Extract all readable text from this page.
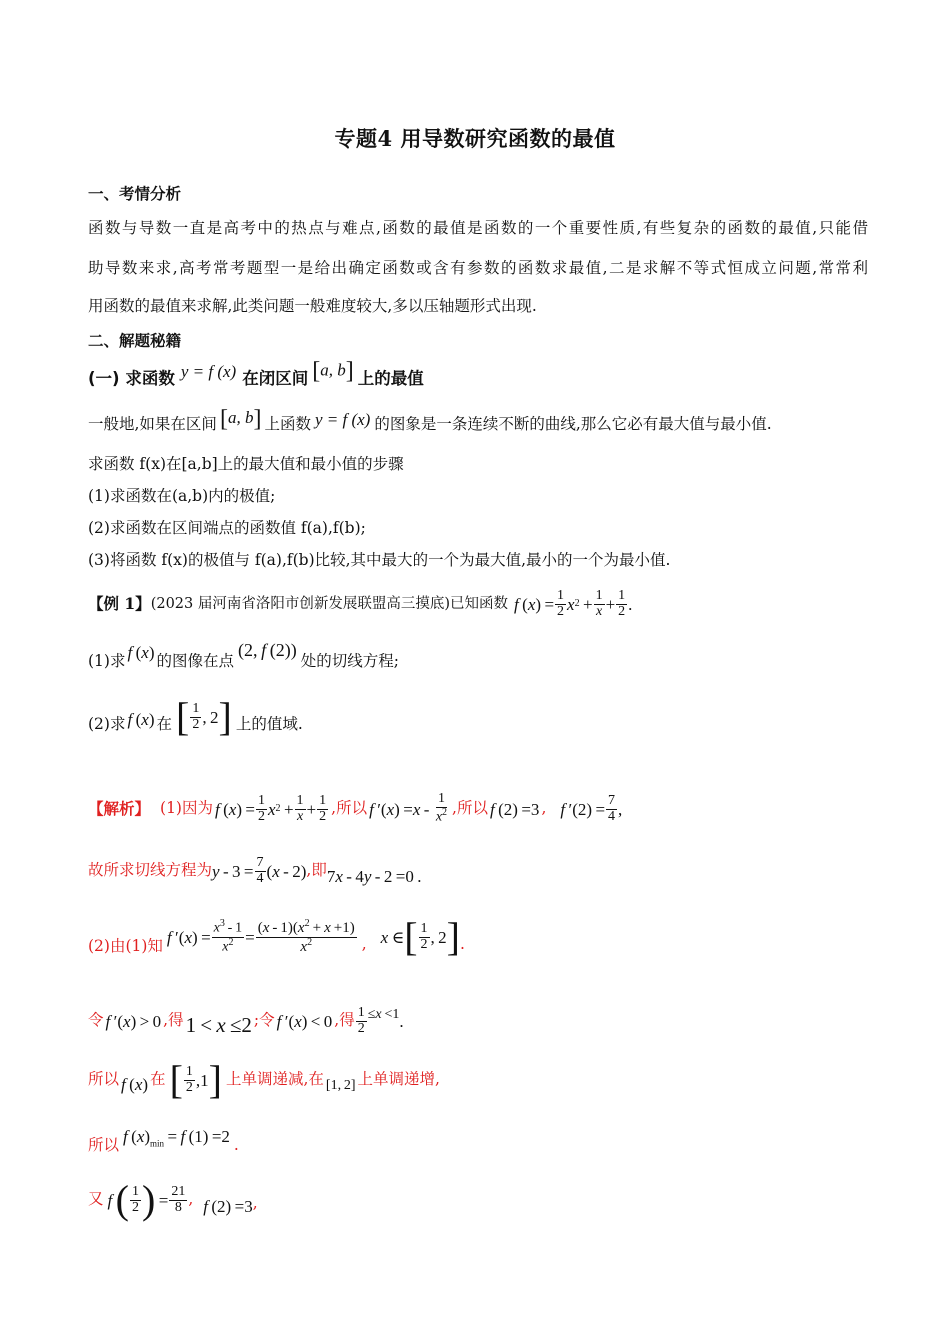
专题4 用导数研究函数的最值
一、考情分析
函数与导数一直是高考中的热点与难点,函数的最值是函数的一个重要性质,有些复杂的函数的最值,只能借
助导数来求,高考常考题型一是给出确定函数或含有参数的函数求最值,二是求解不等式恒成立问题,常常利
用函数的最值来求解,此类问题一般难度较大,多以压轴题形式出现.
二、解题秘籍
(一) 求函数 y = f (x) 在闭区间 [a, b] 上的最值
一般地,如果在区间 [a, b] 上函数 y = f (x) 的图象是一条连续不断的曲线,那么它必有最大值与最小值.
求函数 f(x)在[a,b]上的最大值和最小值的步骤
(1)求函数在(a,b)内的极值;
(2)求函数在区间端点的函数值 f(a),f(b);
(3)将函数 f(x)的极值与 f(a),f(b)比较,其中最大的一个为最大值,最小的一个为最小值.
【例 1】 (2023 届河南省洛阳市创新发展联盟高三摸底)已知函数 f  ( x ) = $\frac{1}{2}$ x $2 + \frac{1}{x} + \frac{1}{2}$ .
(1)求 f (x) 的图像在点
(2, f (2))
处的切线方程;
(2)求 f (x) 在 [ $\frac{1}{2}$ , 2 ] 上的值域.
【解析】 (1)因为 f  ( x ) = $\frac{1}{2}$ x $2 + \frac{1}{x} + \frac{1}{2}$ ,所以 f  ′( x ) = x  -  $\frac{1}{x^2}$ ,所以 f (2) =3 , f  $'(2) = \frac{7}{4}$ ,
故所求切线方程为 $y - 3 = \frac{7}{4}$ ( x  - 2) ,即 7x - 4y - 2 =0 .
(2)由(1)知 f  ′( x ) = $\frac{x^3 - 1}{x^2} = \frac{(x - 1)(x^2 + x +1)}{x^2}$ , x  ∈ [ $\frac{1}{2}$ , 2 ] .
令 f ′(x) > 0 ,得 1 < x ≤2 ;令 f ′(x) < 0 ,得 $\frac{1}{2} \le x <1$ .
所以 f (x) 在 [ $\frac{1}{2} ,1$ ] 上单调递减,在 [1, 2] 上单调递增,
所以 f $(x)_{min} = f$ (1) =2 .
又 f
  ( $\frac{1}{2}$ )  = $\frac{21}{8}$ , f (2) =3 ,
